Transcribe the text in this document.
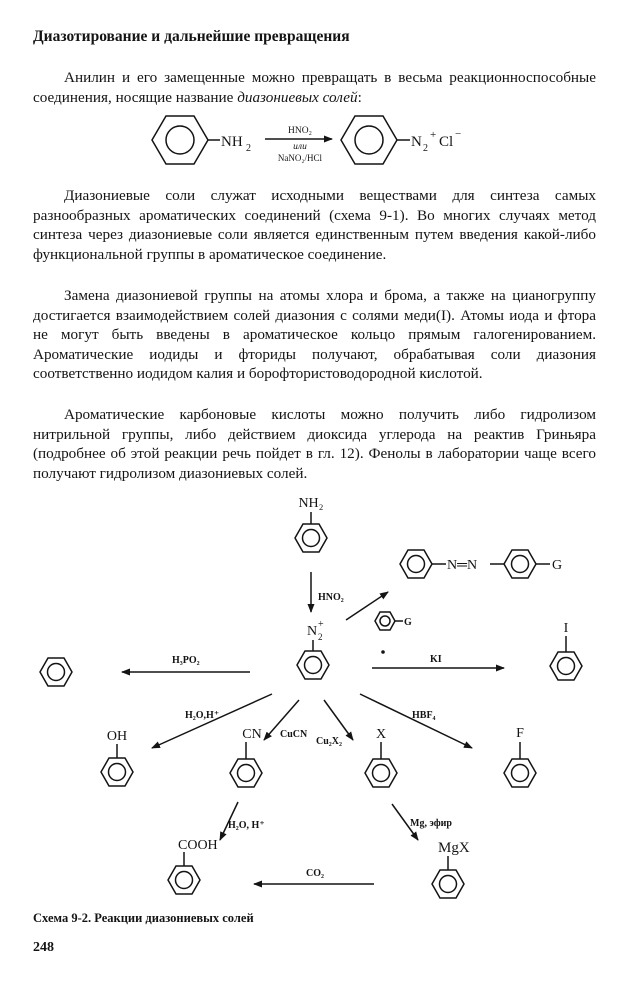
Диазотирование и дальнейшие превращения

Анилин и его замещенные можно превращать в весьма реакционноспособные соединения, носящие название диазониевых солей:

Диазониевые соли служат исходными веществами для синтеза самых разнообразных ароматических соединений (схема 9-1). Во многих случаях метод синтеза через диазониевые соли является единственным путем введения какой-либо функциональной группы в ароматическое соединение.

Замена диазониевой группы на атомы хлора и брома, а также на цианогруппу достигается взаимодействием солей диазония с солями меди(I). Атомы иода и фтора не могут быть введены в ароматическое кольцо прямым галогенированием. Ароматические иодиды и фториды получают, обрабатывая соли диазония соответственно иодидом калия и борофтористоводородной кислотой.

Ароматические карбоновые кислоты можно получить либо гидролизом нитрильной группы, либо действием диоксида углерода на реактив Гриньяра (подробнее об этой реакции речь пойдет в гл. 12). Фенолы в лаборатории чаще всего получают гидролизом диазониевых солей.

NH 2
HNO₂
или
NaNO₂/HCl
N 2
+ Cl −
NH₂
HNO₂
N 2
+
N═N	G
G
H₃PO₂	KI
I
H₂O,H⁺
OH	CuCN
CN	Cu₂X₂ X
HBF₄
F
H₂O, H⁺
COOH
Mg, эфир
MgX
CO₂
Схема 9-2. Реакции диазониевых солей
248
